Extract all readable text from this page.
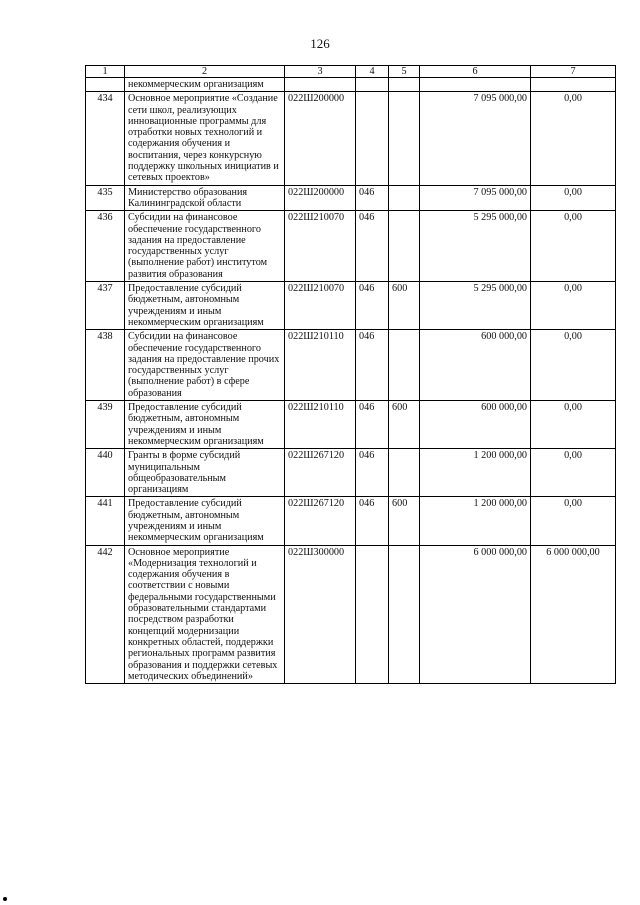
126
1	2	3	4	5	6	7
	некоммерческим организациям					
434	Основное мероприятие «Создание сети школ, реализующих инновационные программы для отработки новых технологий и содержания обучения и воспитания, через конкурсную поддержку школьных инициатив и сетевых проектов»	022Ш200000			7 095 000,00	0,00
435	Министерство образования Калининградской области	022Ш200000	046		7 095 000,00	0,00
436	Субсидии на финансовое обеспечение государственного задания на предоставление государственных услуг (выполнение работ) институтом развития образования	022Ш210070	046		5 295 000,00	0,00
437	Предоставление субсидий бюджетным, автономным учреждениям и иным некоммерческим организациям	022Ш210070	046	600	5 295 000,00	0,00
438	Субсидии на финансовое обеспечение государственного задания на предоставление прочих государственных услуг (выполнение работ) в сфере образования	022Ш210110	046		600 000,00	0,00
439	Предоставление субсидий бюджетным, автономным учреждениям и иным некоммерческим организациям	022Ш210110	046	600	600 000,00	0,00
440	Гранты в форме субсидий муниципальным общеобразовательным организациям	022Ш267120	046		1 200 000,00	0,00
441	Предоставление субсидий бюджетным, автономным учреждениям и иным некоммерческим организациям	022Ш267120	046	600	1 200 000,00	0,00
442	Основное мероприятие «Модернизация технологий и содержания обучения в соответствии с новыми федеральными государственными образовательными стандартами посредством разработки концепций модернизации конкретных областей, поддержки региональных программ развития образования и поддержки сетевых методических объединений»	022Ш300000			6 000 000,00	6 000 000,00
